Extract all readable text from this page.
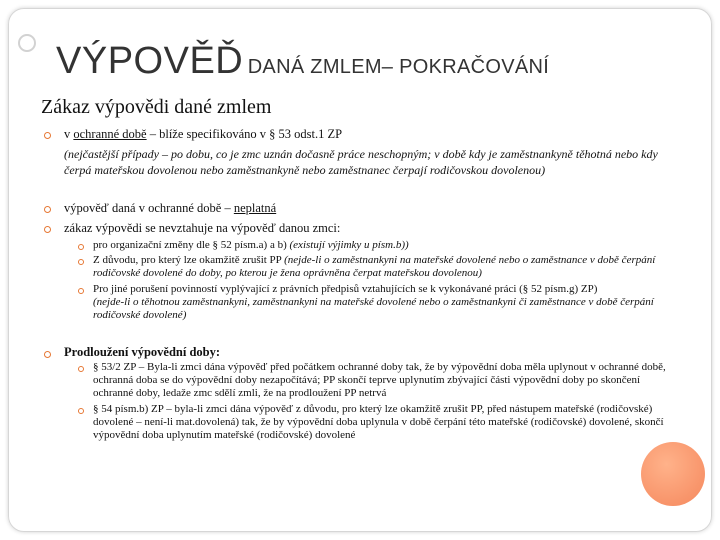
VÝPOVĚĎ DANÁ ZMLEM– POKRAČOVÁNÍ
Zákaz výpovědi dané zmlem
v ochranné době – blíže specifikováno v § 53 odst.1 ZP
(nejčastější případy – po dobu, co je zmc uznán dočasně práce neschopným; v době kdy je zaměstnankyně těhotná nebo kdy čerpá mateřskou dovolenou nebo zaměstnankyně nebo zaměstnanec čerpají rodičovskou dovolenou)
výpověď daná v ochranné době – neplatná
zákaz výpovědi se nevztahuje na výpověď danou zmci:
pro organizační změny dle § 52 písm.a) a b) (existují výjimky u písm.b))
Z důvodu, pro který lze okamžitě zrušit PP (nejde-li o zaměstnankyni na mateřské dovolené nebo o zaměstnance v době čerpání rodičovské dovolené do doby, po kterou je žena oprávněna čerpat mateřskou dovolenou)
Pro jiné porušení povinností vyplývající z právních předpisů vztahujících se k vykonávané práci (§ 52 písm.g) ZP)
(nejde-li o těhotnou zaměstnankyni, zaměstnankyni na mateřské dovolené nebo o zaměstnankyni či zaměstnance v době čerpání rodičovské dovolené)
Prodloužení výpovědní doby:
§ 53/2 ZP – Byla-li zmci dána výpověď před počátkem ochranné doby tak, že by výpovědní doba měla uplynout v ochranné době, ochranná doba se do výpovědní doby nezapočítává; PP skončí teprve uplynutím zbývající části výpovědní doby po skončení ochranné doby, ledaže zmc sdělí zmli, že na prodloužení PP netrvá
§ 54 písm.b) ZP – byla-li zmci dána výpověď z důvodu, pro který lze okamžitě zrušit PP, před nástupem mateřské (rodičovské) dovolené – není-li mat.dovolená) tak, že by výpovědní doba uplynula v době čerpání této mateřské (rodičovské) dovolené, skončí výpovědní doba uplynutím mateřské (rodičovské) dovolené
